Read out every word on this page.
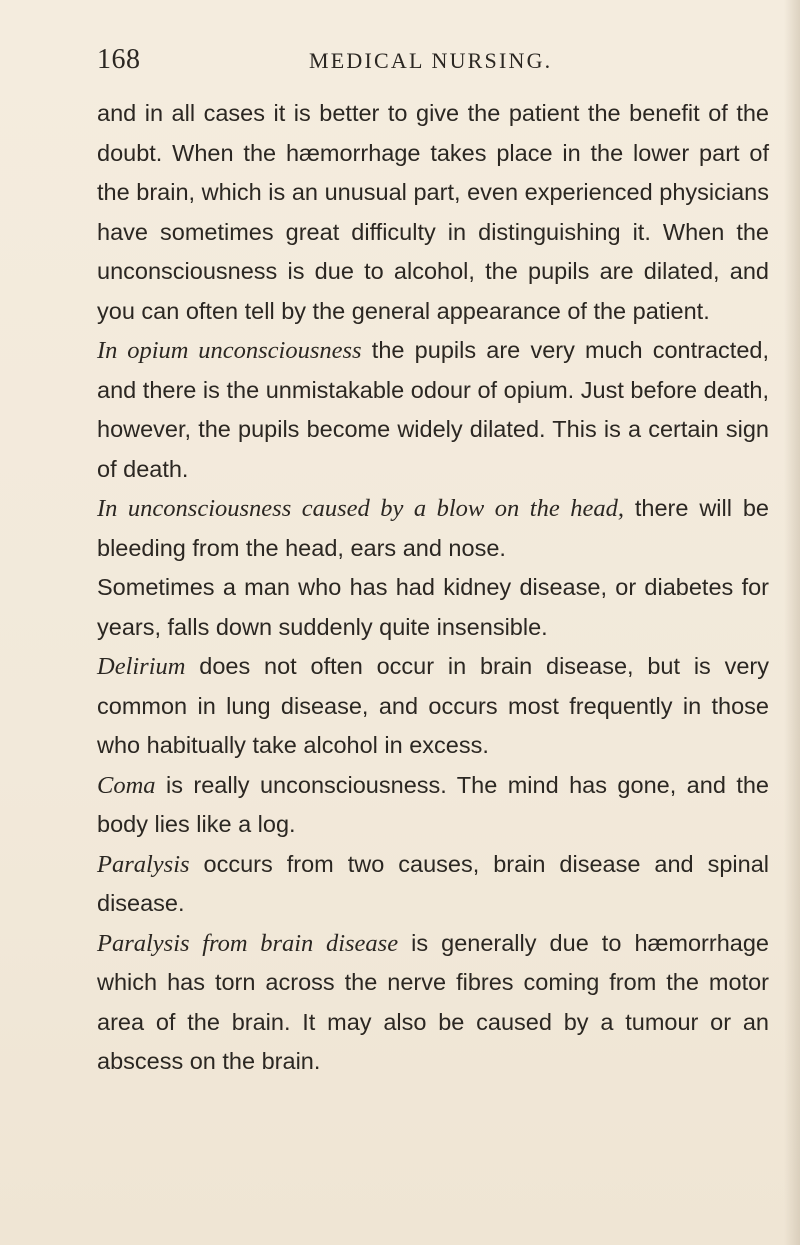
168	MEDICAL NURSING.

and in all cases it is better to give the patient the benefit of the doubt. When the hæmorrhage takes place in the lower part of the brain, which is an unusual part, even experienced physicians have sometimes great difficulty in distinguishing it. When the unconsciousness is due to alcohol, the pupils are dilated, and you can often tell by the general appearance of the patient.

In opium unconsciousness the pupils are very much contracted, and there is the unmistakable odour of opium. Just before death, however, the pupils become widely dilated. This is a certain sign of death.

In unconsciousness caused by a blow on the head, there will be bleeding from the head, ears and nose.

Sometimes a man who has had kidney disease, or diabetes for years, falls down suddenly quite insensible.

Delirium does not often occur in brain disease, but is very common in lung disease, and occurs most frequently in those who habitually take alcohol in excess.

Coma is really unconsciousness. The mind has gone, and the body lies like a log.

Paralysis occurs from two causes, brain disease and spinal disease.

Paralysis from brain disease is generally due to hæmorrhage which has torn across the nerve fibres coming from the motor area of the brain. It may also be caused by a tumour or an abscess on the brain.
